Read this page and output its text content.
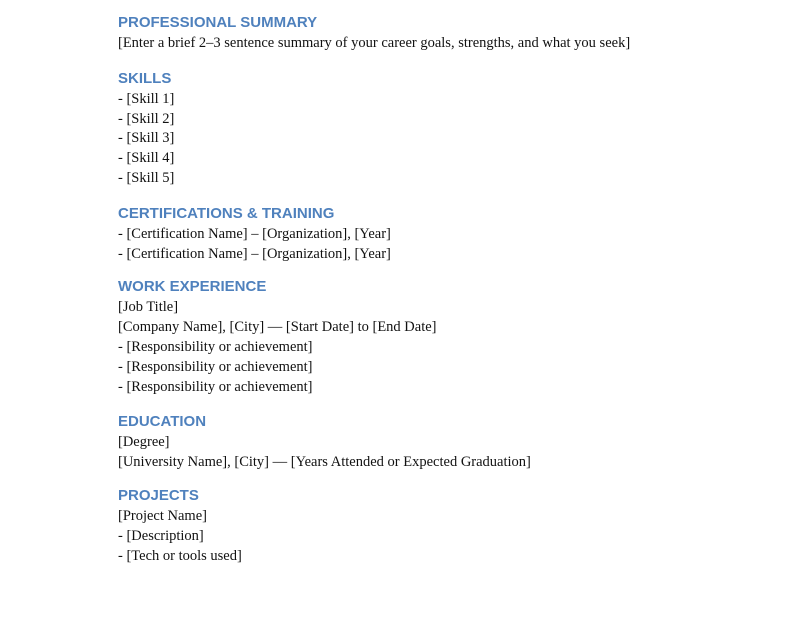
PROFESSIONAL SUMMARY
[Enter a brief 2–3 sentence summary of your career goals, strengths, and what you seek]
SKILLS
- [Skill 1]
- [Skill 2]
- [Skill 3]
- [Skill 4]
- [Skill 5]
CERTIFICATIONS & TRAINING
- [Certification Name] – [Organization], [Year]
- [Certification Name] – [Organization], [Year]
WORK EXPERIENCE
[Job Title]
[Company Name], [City] — [Start Date] to [End Date]
- [Responsibility or achievement]
- [Responsibility or achievement]
- [Responsibility or achievement]
EDUCATION
[Degree]
[University Name], [City] — [Years Attended or Expected Graduation]
PROJECTS
[Project Name]
- [Description]
- [Tech or tools used]
